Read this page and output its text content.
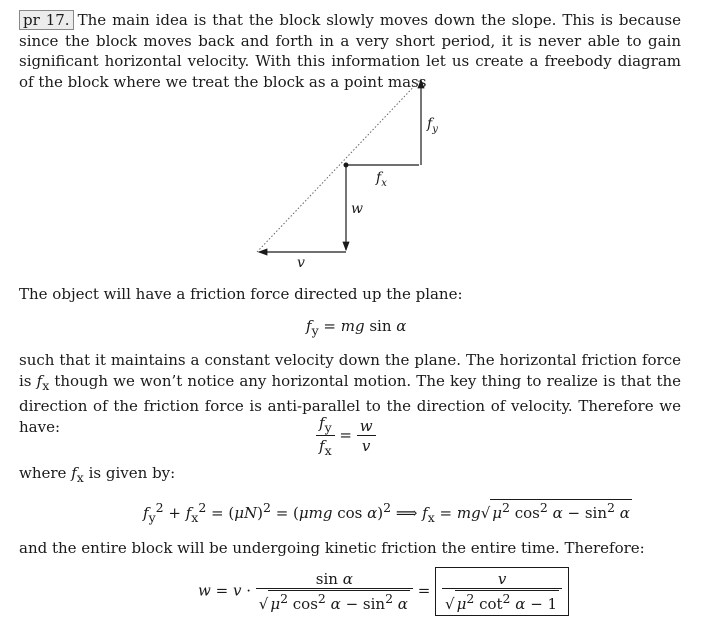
pr 17. The main idea is that the block slowly moves down the slope. This is because since the block moves back and forth in a very short period, it is never able to gain significant horizontal velocity. With this information let us create a freebody diagram of the block where we treat the block as a point mass

$f_y$
$f_x$
w
v

The object will have a friction force directed up the plane:

$f_y$ = mg sin α

such that it maintains a constant velocity down the plane. The horizontal friction force is $f_x$ though we won’t notice any horizontal motion. The key thing to realize is that the direction of the friction force is anti-parallel to the direction of velocity. Therefore we have:	$\frac{f_y}{f_x} = \frac{w}{v}$

where $f_x$ is given by:

$f_y^2 + f_x^2 = (\mu N)^2 = (\mu mg$ cos α)$^2$ ⟹ $f_x = mg√$ $\mu^2$ $\cos^2 \alpha - \sin^2 \alpha$

and the entire block will be undergoing kinetic friction the entire time. Therefore:

$w = v \cdot \frac{\text{sin α}}{√ \mu^2 \cos^2 \alpha - \sin^2 \alpha} = \frac{v}{√ \mu^2 \cot^2 \alpha - 1}$
